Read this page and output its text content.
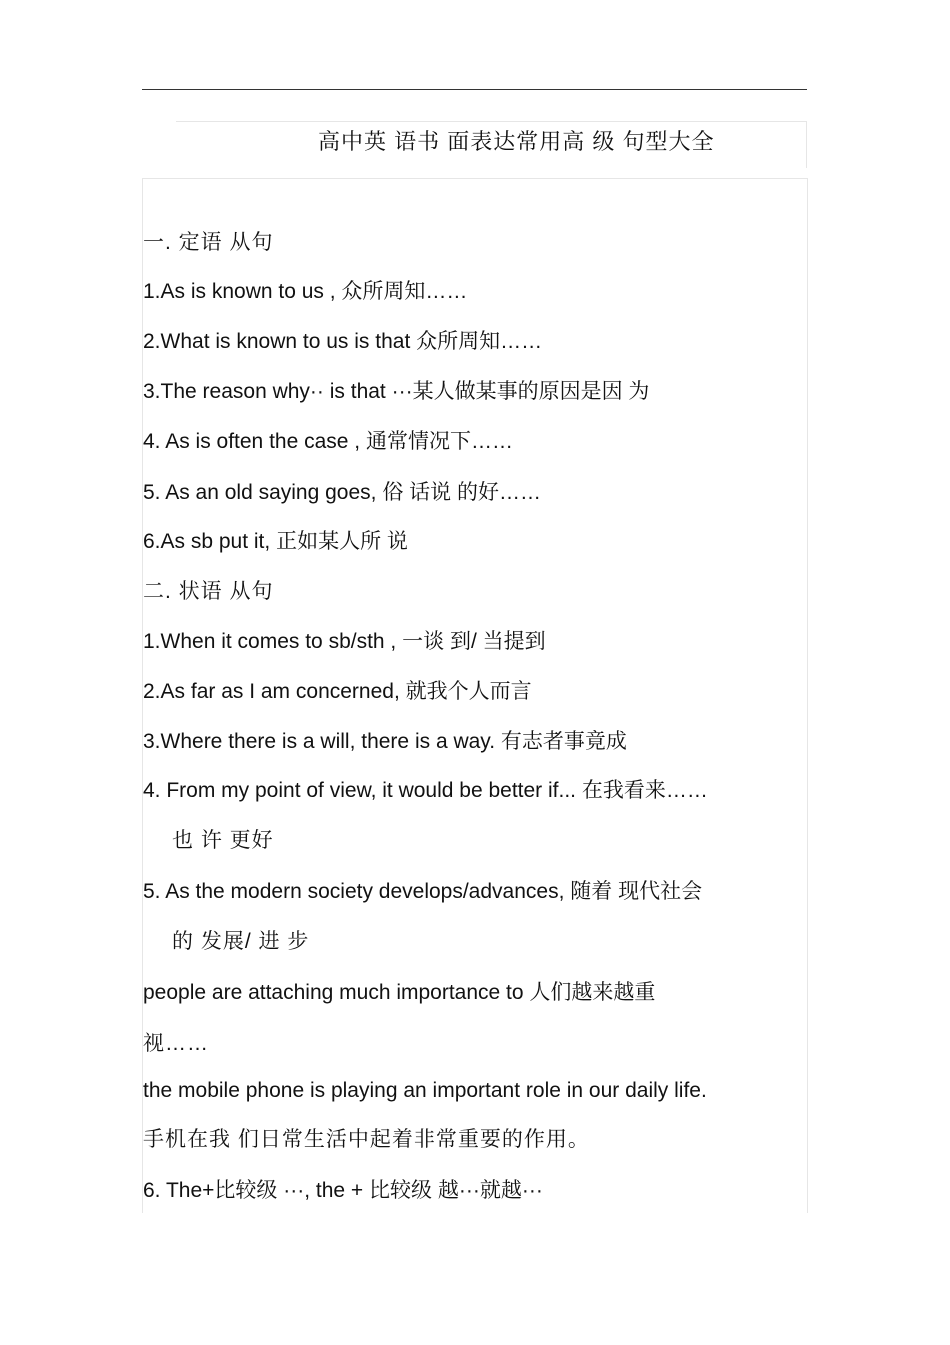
高中英 语书 面表达常用高 级 句型大全
一. 定语 从句
1.As is known to us , 众所周知……
2.What is known to us is that 众所周知……
3.The reason why·· is that ···某人做某事的原因是因 为
4. As is often the case , 通常情况下……
5. As an old saying goes, 俗 话说 的好……
6.As sb put it, 正如某人所 说
二. 状语 从句
1.When it comes to sb/sth , 一谈 到/ 当提到
2.As far as I am concerned, 就我个人而言
3.Where there is a will, there is a way. 有志者事竟成
4. From my point of view, it would be better if... 在我看来……
也 许 更好
5. As the modern society develops/advances, 随着 现代社会
的 发展/ 进 步
people are attaching much importance to 人们越来越重
视……
the mobile phone is playing an important role in our daily life.
手机在我 们日常生活中起着非常重要的作用。
6. The+比较级 ···, the + 比较级 越···就越···
